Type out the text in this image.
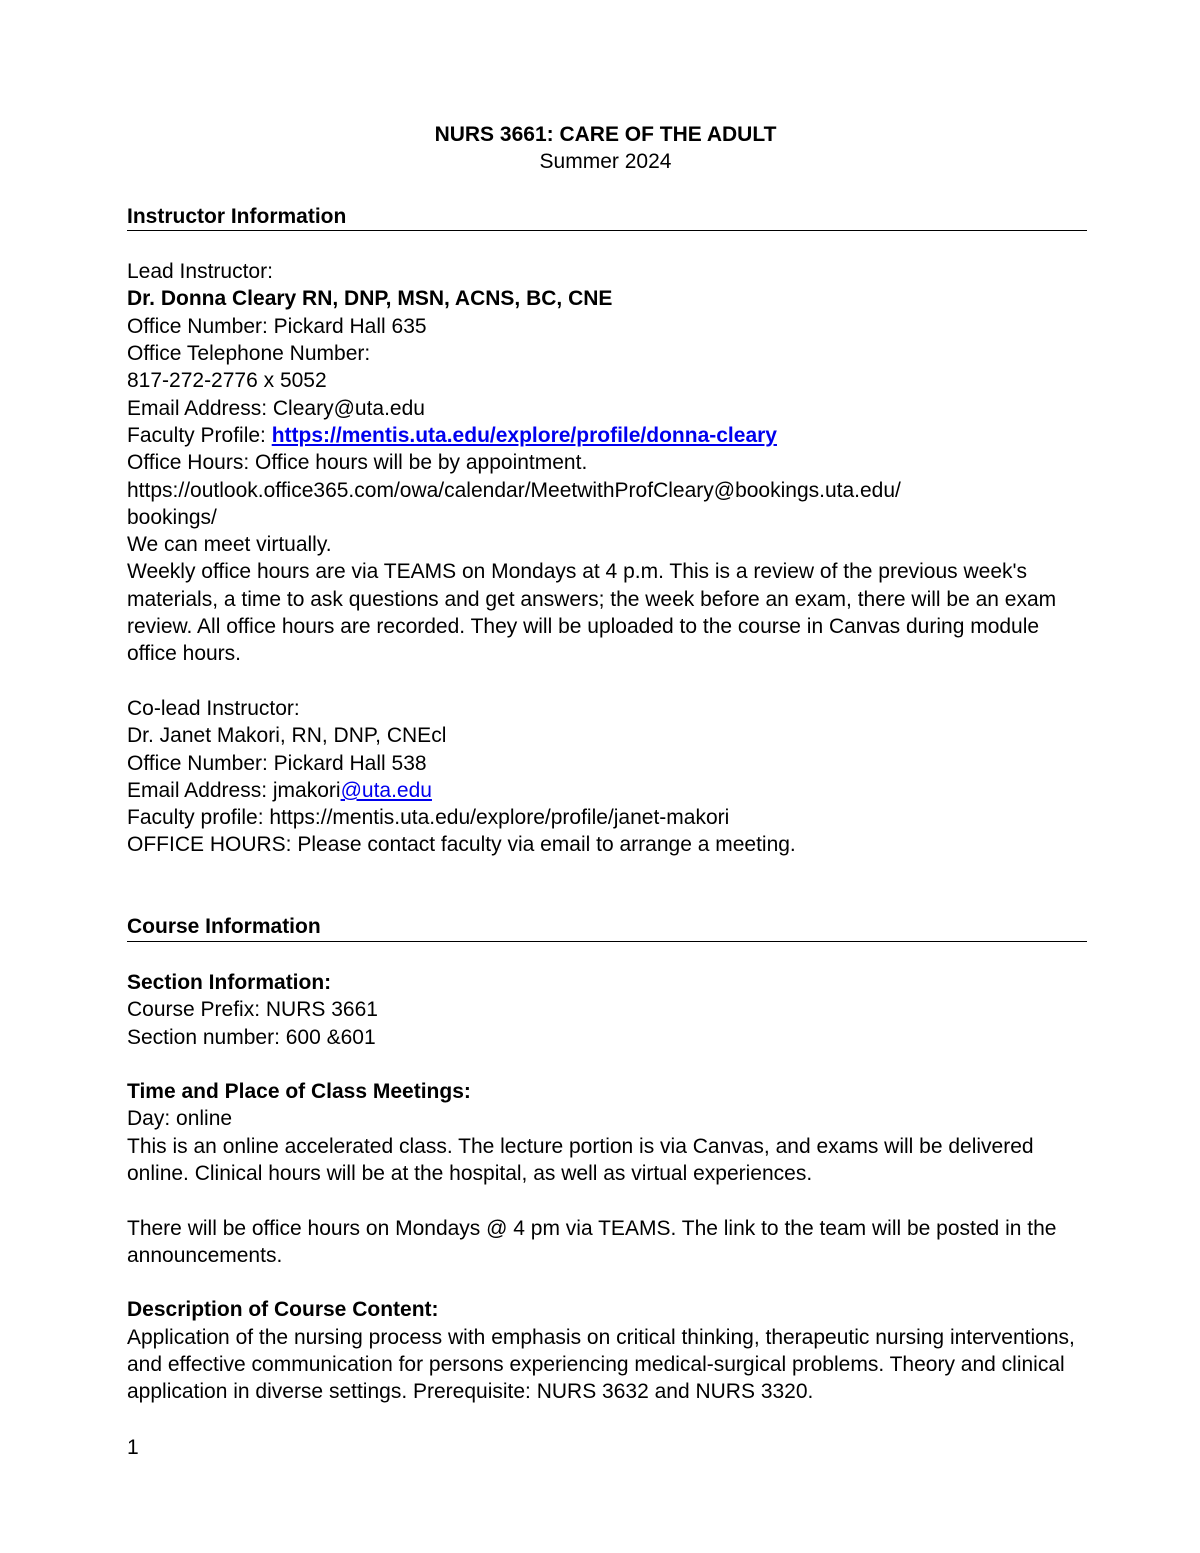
NURS 3661: CARE OF THE ADULT
Summer 2024
Instructor Information
Lead Instructor:
Dr. Donna Cleary RN, DNP, MSN, ACNS, BC, CNE
Office Number: Pickard Hall 635
Office Telephone Number:
817-272-2776 x 5052
Email Address: Cleary@uta.edu
Faculty Profile: https://mentis.uta.edu/explore/profile/donna-cleary
Office Hours: Office hours will be by appointment.
https://outlook.office365.com/owa/calendar/MeetwithProfCleary@bookings.uta.edu/
bookings/
We can meet virtually.
Weekly office hours are via TEAMS on Mondays at 4 p.m. This is a review of the previous week's materials, a time to ask questions and get answers; the week before an exam, there will be an exam review. All office hours are recorded. They will be uploaded to the course in Canvas during module office hours.
Co-lead Instructor:
Dr. Janet Makori, RN, DNP, CNEcl
Office Number: Pickard Hall 538
Email Address: jmakori@uta.edu
Faculty profile: https://mentis.uta.edu/explore/profile/janet-makori
OFFICE HOURS: Please contact faculty via email to arrange a meeting.
Course Information
Section Information:
Course Prefix: NURS 3661
Section number: 600 &601
Time and Place of Class Meetings:
Day: online
This is an online accelerated class. The lecture portion is via Canvas, and exams will be delivered online. Clinical hours will be at the hospital, as well as virtual experiences.
There will be office hours on Mondays @ 4 pm via TEAMS. The link to the team will be posted in the announcements.
Description of Course Content:
Application of the nursing process with emphasis on critical thinking, therapeutic nursing interventions, and effective communication for persons experiencing medical-surgical problems. Theory and clinical application in diverse settings. Prerequisite: NURS 3632 and NURS 3320.
1
